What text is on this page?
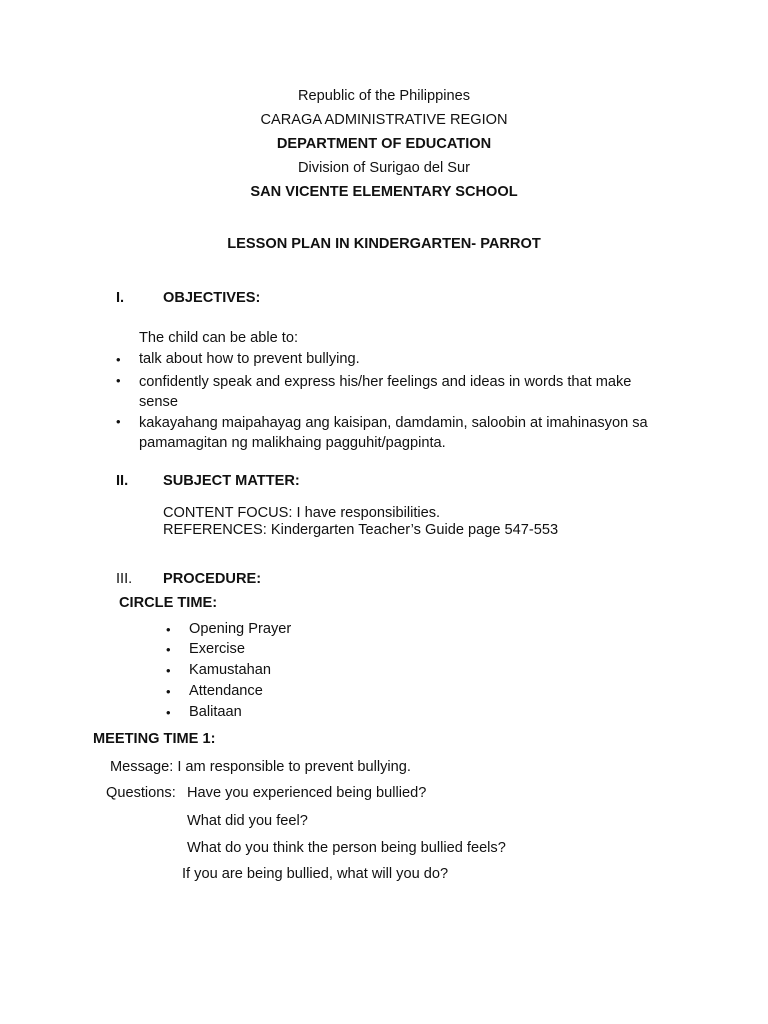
Republic of the Philippines
CARAGA ADMINISTRATIVE REGION
DEPARTMENT OF EDUCATION
Division of Surigao del Sur
SAN VICENTE ELEMENTARY SCHOOL
LESSON PLAN IN KINDERGARTEN- PARROT
I.	OBJECTIVES:
The child can be able to:
• talk about how to prevent bullying.
• confidently speak and express his/her feelings and ideas in words that make sense
• kakayahang maipahayag ang kaisipan, damdamin, saloobin at imahinasyon sa pamamagitan ng malikhaing pagguhit/pagpinta.
II. SUBJECT MATTER:
CONTENT FOCUS: I have responsibilities.
REFERENCES: Kindergarten Teacher’s Guide page 547-553
III. PROCEDURE:
CIRCLE TIME:
• Opening Prayer
• Exercise
• Kamustahan
• Attendance
• Balitaan
MEETING TIME 1:
Message: I am responsible to prevent bullying.
Questions: Have you experienced being bullied?
What did you feel?
What do you think the person being bullied feels?
If you are being bullied, what will you do?
